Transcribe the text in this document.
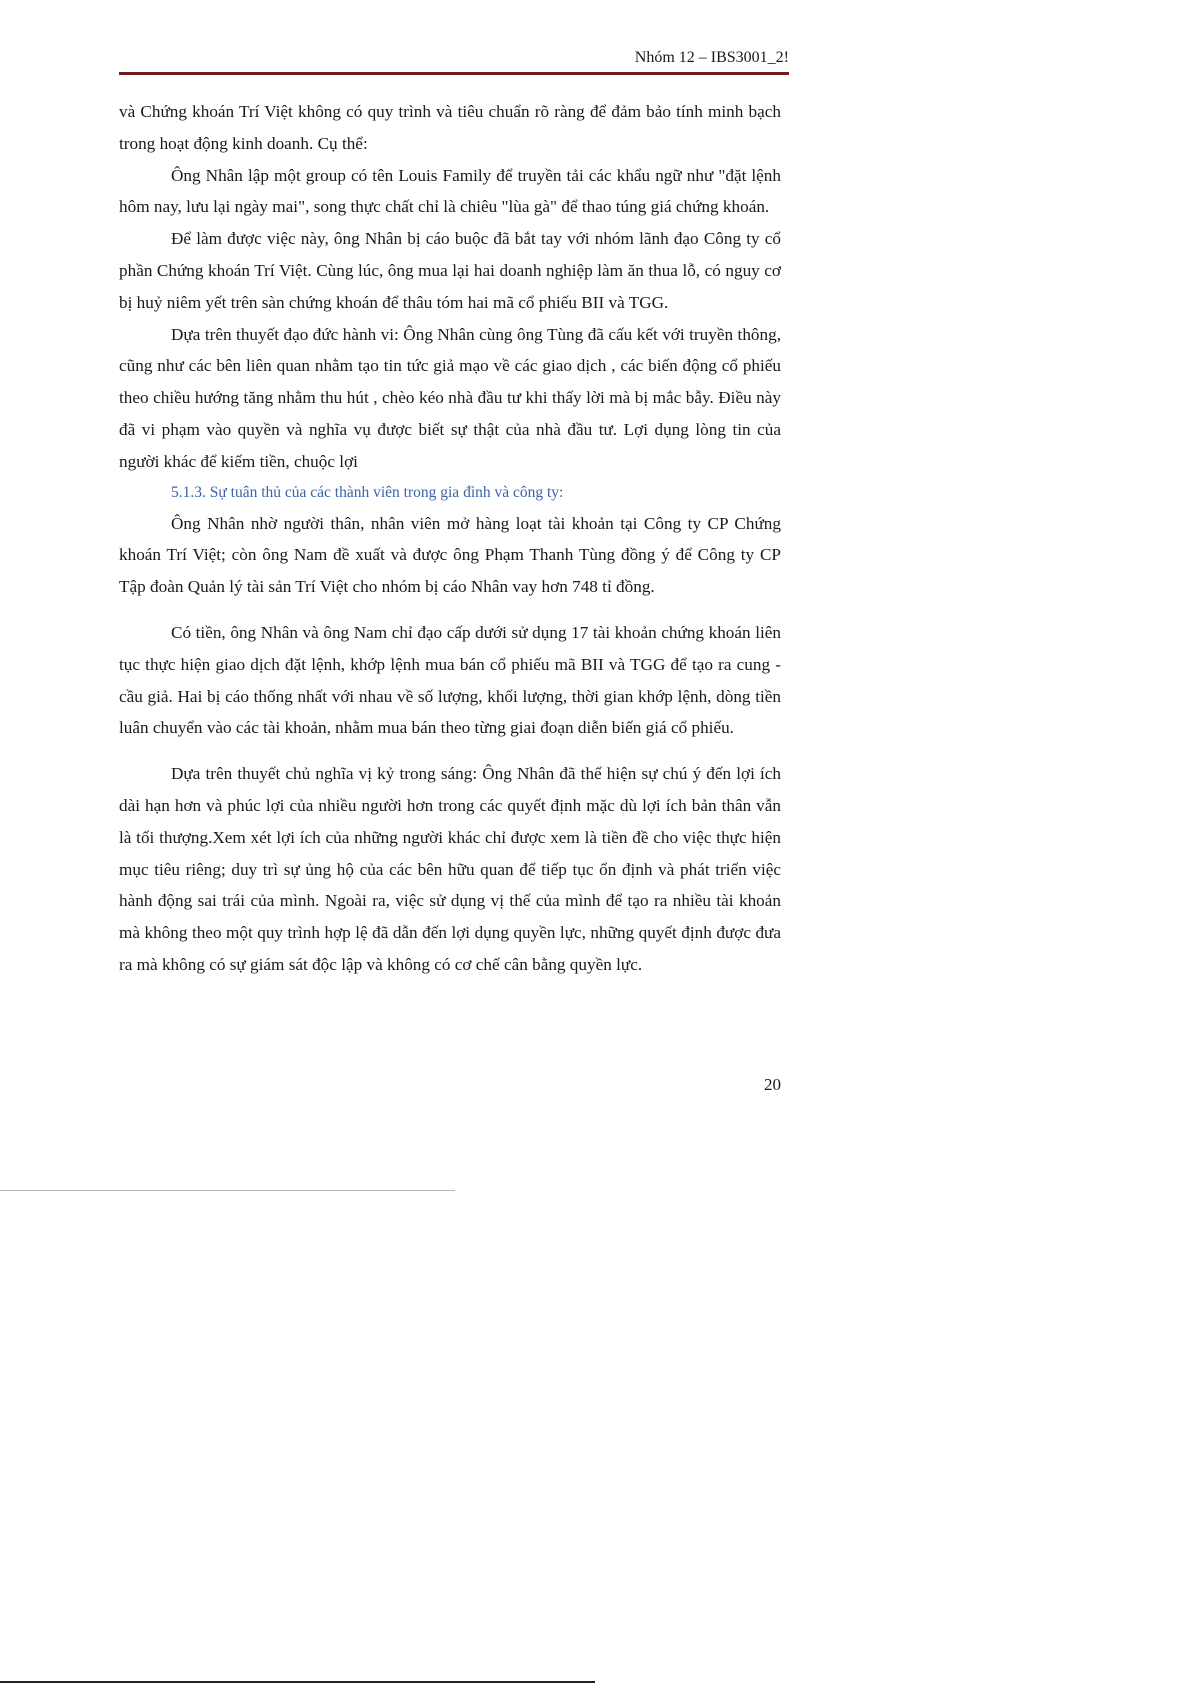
Nhóm 12 – IBS3001_2!

và Chứng khoán Trí Việt không có quy trình và tiêu chuẩn rõ ràng để đảm bảo tính minh bạch trong hoạt động kinh doanh. Cụ thể:

Ông Nhân lập một group có tên Louis Family để truyền tải các khẩu ngữ như "đặt lệnh hôm nay, lưu lại ngày mai", song thực chất chỉ là chiêu "lùa gà" để thao túng giá chứng khoán.

Để làm được việc này, ông Nhân bị cáo buộc đã bắt tay với nhóm lãnh đạo Công ty cổ phần Chứng khoán Trí Việt. Cùng lúc, ông mua lại hai doanh nghiệp làm ăn thua lỗ, có nguy cơ bị huỷ niêm yết trên sàn chứng khoán để thâu tóm hai mã cổ phiếu BII và TGG.

Dựa trên thuyết đạo đức hành vi: Ông Nhân cùng ông Tùng đã cấu kết với truyền thông, cũng như các bên liên quan nhằm tạo tin tức giả mạo về các giao dịch , các biến động cổ phiếu theo chiều hướng tăng nhằm thu hút , chèo kéo nhà đầu tư khi thấy lời mà bị mắc bẫy. Điều này đã vi phạm vào quyền và nghĩa vụ được biết sự thật của nhà đầu tư. Lợi dụng lòng tin của người khác để kiếm tiền, chuộc lợi

5.1.3. Sự tuân thủ của các thành viên trong gia đình và công ty:

Ông Nhân nhờ người thân, nhân viên mở hàng loạt tài khoản tại Công ty CP Chứng khoán Trí Việt; còn ông Nam đề xuất và được ông Phạm Thanh Tùng đồng ý để Công ty CP Tập đoàn Quản lý tài sản Trí Việt cho nhóm bị cáo Nhân vay hơn 748 tỉ đồng.

Có tiền, ông Nhân và ông Nam chỉ đạo cấp dưới sử dụng 17 tài khoản chứng khoán liên tục thực hiện giao dịch đặt lệnh, khớp lệnh mua bán cổ phiếu mã BII và TGG để tạo ra cung - cầu giả. Hai bị cáo thống nhất với nhau về số lượng, khối lượng, thời gian khớp lệnh, dòng tiền luân chuyển vào các tài khoản, nhằm mua bán theo từng giai đoạn diễn biến giá cổ phiếu.

Dựa trên thuyết chủ nghĩa vị kỷ trong sáng: Ông Nhân đã thể hiện sự chú ý đến lợi ích dài hạn hơn và phúc lợi của nhiều người hơn trong các quyết định mặc dù lợi ích bản thân vẫn là tối thượng.Xem xét lợi ích của những người khác chỉ được xem là tiền đề cho việc thực hiện mục tiêu riêng; duy trì sự ủng hộ của các bên hữu quan để tiếp tục ổn định và phát triển việc hành động sai trái của mình. Ngoài ra, việc sử dụng vị thế của mình để tạo ra nhiều tài khoản mà không theo một quy trình hợp lệ đã dẫn đến lợi dụng quyền lực, những quyết định được đưa ra mà không có sự giám sát độc lập và không có cơ chế cân bằng quyền lực.

20
